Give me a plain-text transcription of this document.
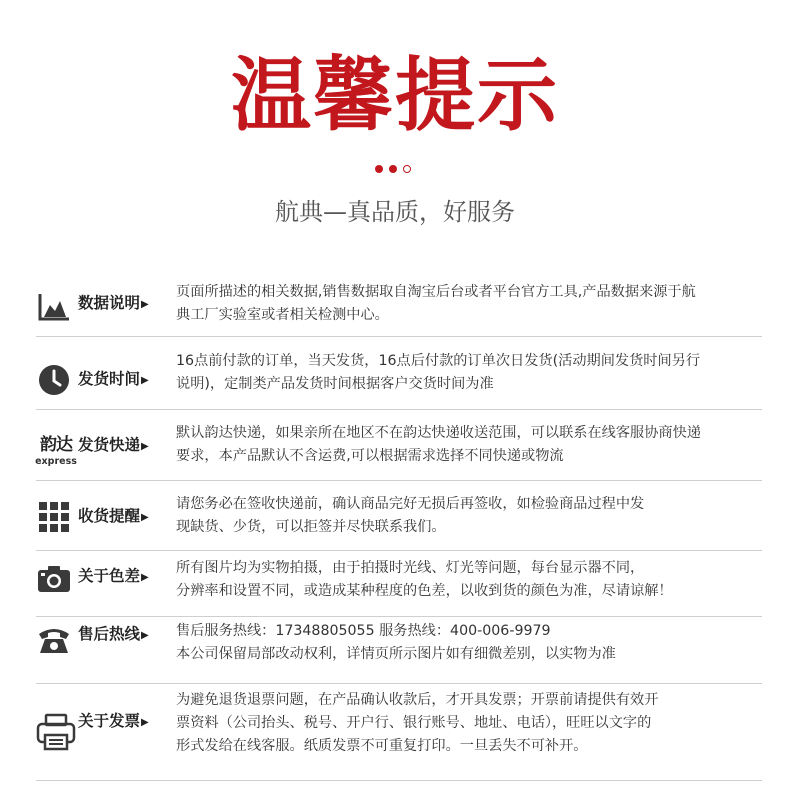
温馨提示
航典—真品质，好服务
数据说明▶
页面所描述的相关数据,销售数据取自淘宝后台或者平台官方工具,产品数据来源于航
典工厂实验室或者相关检测中心。
发货时间▶
16点前付款的订单，当天发货，16点后付款的订单次日发货(活动期间发货时间另行
说明)，定制类产品发货时间根据客户交货时间为准
韵达
express
发货快递▶
默认韵达快递，如果亲所在地区不在韵达快递收送范围，可以联系在线客服协商快递
要求，本产品默认不含运费,可以根据需求选择不同快递或物流
收货提醒▶
请您务必在签收快递前，确认商品完好无损后再签收，如检验商品过程中发
现缺货、少货，可以拒签并尽快联系我们。
关于色差▶
所有图片均为实物拍摄，由于拍摄时光线、灯光等问题，每台显示器不同，
分辨率和设置不同，或造成某种程度的色差，以收到货的颜色为准，尽请谅解！
售后热线▶	售后服务热线：17348805055 服务热线：400-006-9979
本公司保留局部改动权利，详情页所示图片如有细微差别，以实物为准
关于发票▶
为避免退货退票问题，在产品确认收款后，才开具发票；开票前请提供有效开
票资料（公司抬头、税号、开户行、银行账号、地址、电话），旺旺以文字的
形式发给在线客服。纸质发票不可重复打印。一旦丢失不可补开。
